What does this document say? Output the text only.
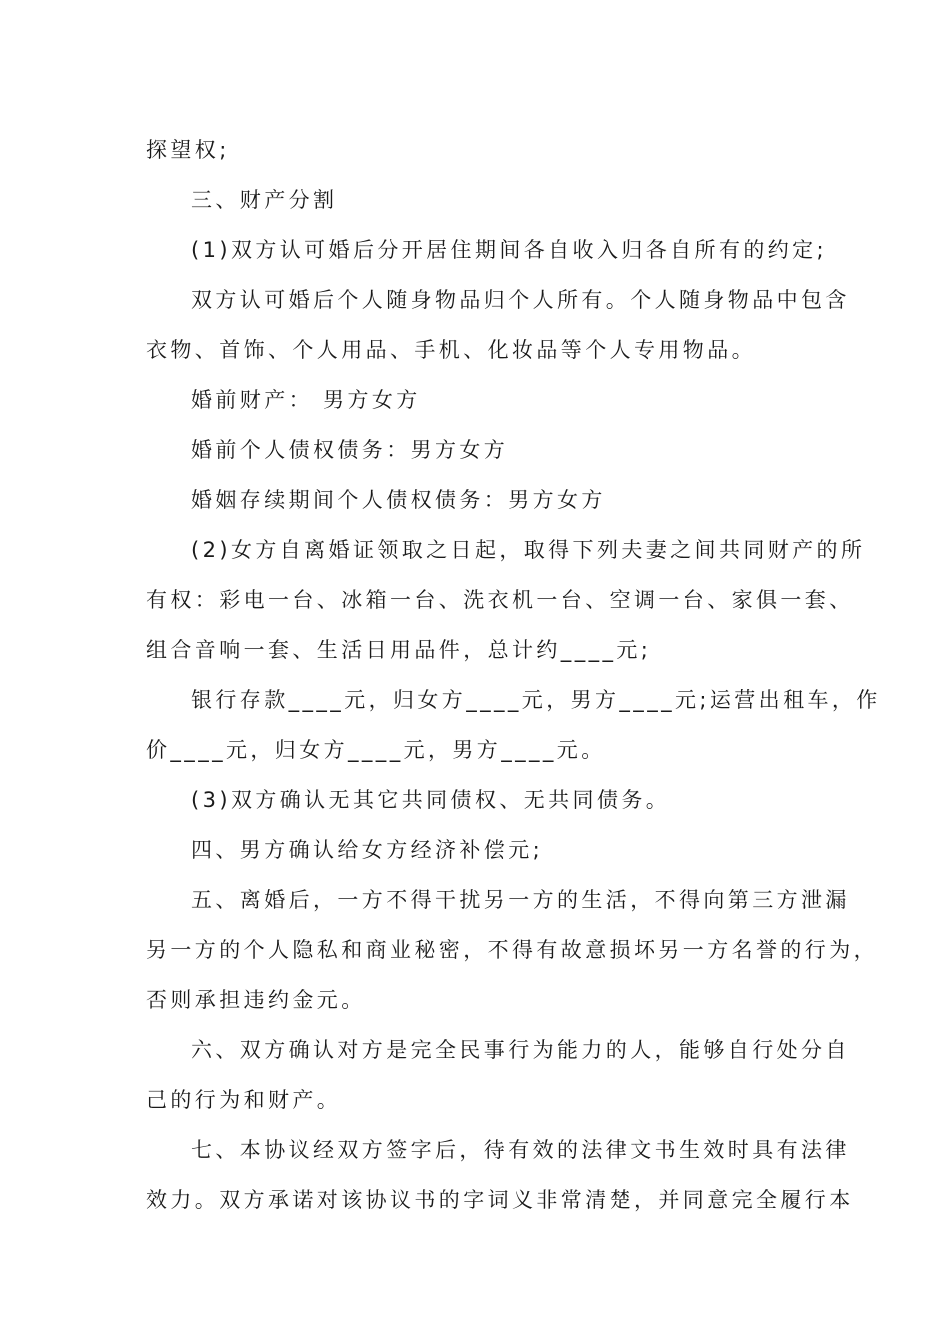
探望权;
三、财产分割
(1)双方认可婚后分开居住期间各自收入归各自所有的约定;
双方认可婚后个人随身物品归个人所有。个人随身物品中包含
衣物、首饰、个人用品、手机、化妆品等个人专用物品。
婚前财产： 男方女方
婚前个人债权债务：男方女方
婚姻存续期间个人债权债务：男方女方
(2)女方自离婚证领取之日起，取得下列夫妻之间共同财产的所
有权：彩电一台、冰箱一台、洗衣机一台、空调一台、家俱一套、
组合音响一套、生活日用品件，总计约____元;
银行存款____元，归女方____元，男方____元;运营出租车，作
价____元，归女方____元，男方____元。
(3)双方确认无其它共同债权、无共同债务。
四、男方确认给女方经济补偿元;
五、离婚后，一方不得干扰另一方的生活，不得向第三方泄漏
另一方的个人隐私和商业秘密，不得有故意损坏另一方名誉的行为，
否则承担违约金元。
六、双方确认对方是完全民事行为能力的人，能够自行处分自
己的行为和财产。
七、本协议经双方签字后，待有效的法律文书生效时具有法律
效力。双方承诺对该协议书的字词义非常清楚，并同意完全履行本
